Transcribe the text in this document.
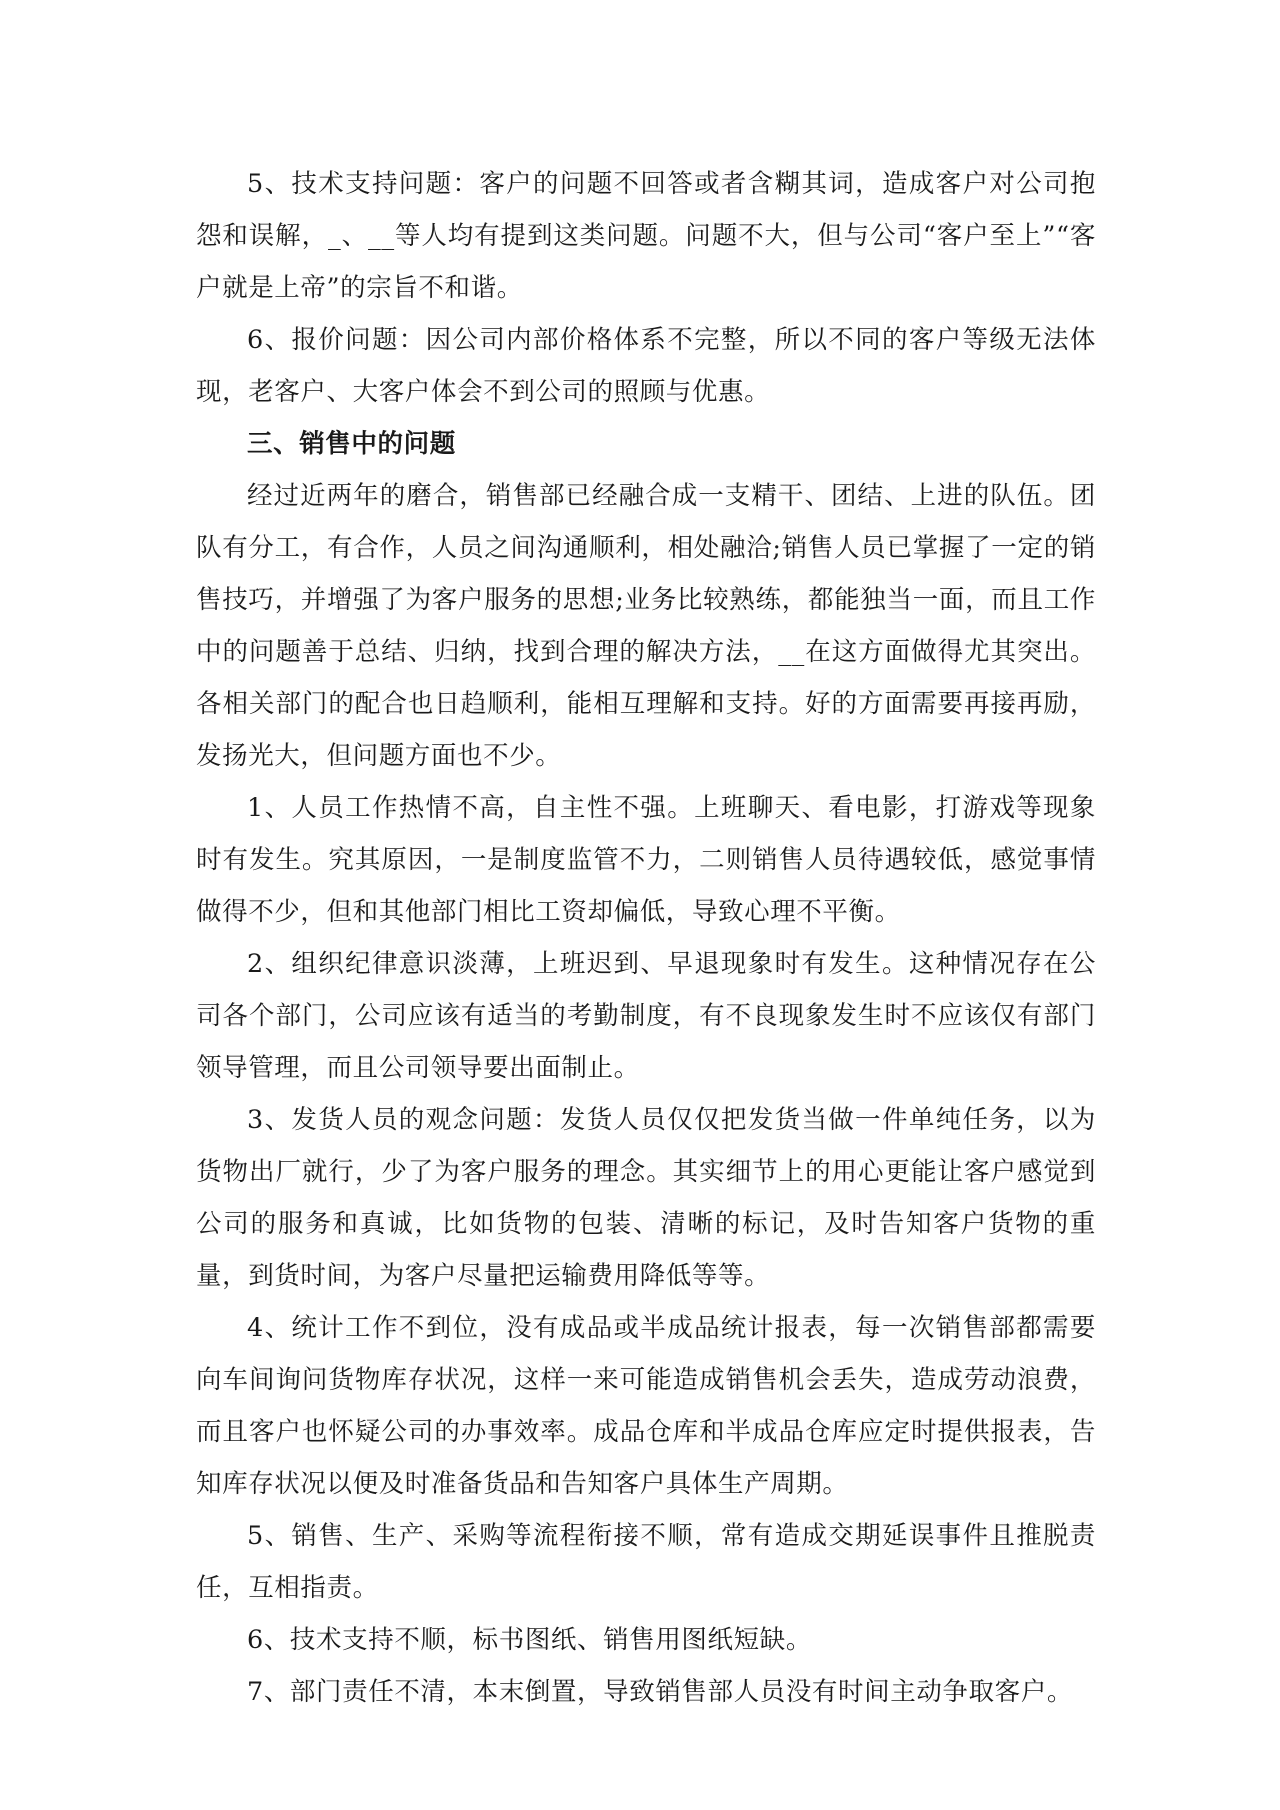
5、技术支持问题：客户的问题不回答或者含糊其词，造成客户对公司抱怨和误解，_、__等人均有提到这类问题。问题不大，但与公司“客户至上”“客户就是上帝”的宗旨不和谐。

6、报价问题：因公司内部价格体系不完整，所以不同的客户等级无法体现，老客户、大客户体会不到公司的照顾与优惠。

三、销售中的问题

经过近两年的磨合，销售部已经融合成一支精干、团结、上进的队伍。团队有分工，有合作，人员之间沟通顺利，相处融洽;销售人员已掌握了一定的销售技巧，并增强了为客户服务的思想;业务比较熟练，都能独当一面，而且工作中的问题善于总结、归纳，找到合理的解决方法，__在这方面做得尤其突出。各相关部门的配合也日趋顺利，能相互理解和支持。好的方面需要再接再励，发扬光大，但问题方面也不少。

1、人员工作热情不高，自主性不强。上班聊天、看电影，打游戏等现象时有发生。究其原因，一是制度监管不力，二则销售人员待遇较低，感觉事情做得不少，但和其他部门相比工资却偏低，导致心理不平衡。

2、组织纪律意识淡薄，上班迟到、早退现象时有发生。这种情况存在公司各个部门，公司应该有适当的考勤制度，有不良现象发生时不应该仅有部门领导管理，而且公司领导要出面制止。

3、发货人员的观念问题：发货人员仅仅把发货当做一件单纯任务，以为货物出厂就行，少了为客户服务的理念。其实细节上的用心更能让客户感觉到公司的服务和真诚，比如货物的包装、清晰的标记，及时告知客户货物的重量，到货时间，为客户尽量把运输费用降低等等。

4、统计工作不到位，没有成品或半成品统计报表，每一次销售部都需要向车间询问货物库存状况，这样一来可能造成销售机会丢失，造成劳动浪费，而且客户也怀疑公司的办事效率。成品仓库和半成品仓库应定时提供报表，告知库存状况以便及时准备货品和告知客户具体生产周期。

5、销售、生产、采购等流程衔接不顺，常有造成交期延误事件且推脱责任，互相指责。

6、技术支持不顺，标书图纸、销售用图纸短缺。

7、部门责任不清，本末倒置，导致销售部人员没有时间主动争取客户。
